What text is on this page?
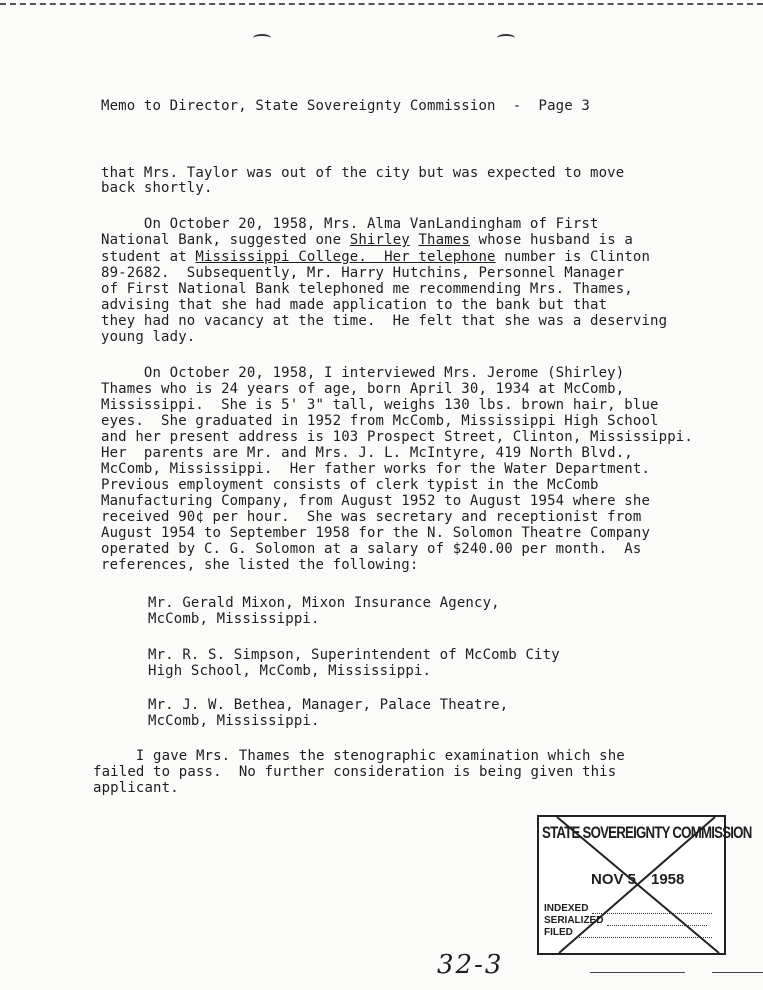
Memo to Director, State Sovereignty Commission  -  Page 3
that Mrs. Taylor was out of the city but was expected to move
back shortly.
On October 20, 1958, Mrs. Alma VanLandingham of First
National Bank, suggested one Shirley Thames whose husband is a
student at Mississippi College.  Her telephone number is Clinton
89-2682.  Subsequently, Mr. Harry Hutchins, Personnel Manager
of First National Bank telephoned me recommending Mrs. Thames,
advising that she had made application to the bank but that
they had no vacancy at the time.  He felt that she was a deserving
young lady.
On October 20, 1958, I interviewed Mrs. Jerome (Shirley)
Thames who is 24 years of age, born April 30, 1934 at McComb,
Mississippi.  She is 5' 3" tall, weighs 130 lbs. brown hair, blue
eyes.  She graduated in 1952 from McComb, Mississippi High School
and her present address is 103 Prospect Street, Clinton, Mississippi.
Her  parents are Mr. and Mrs. J. L. McIntyre, 419 North Blvd.,
McComb, Mississippi.  Her father works for the Water Department.
Previous employment consists of clerk typist in the McComb
Manufacturing Company, from August 1952 to August 1954 where she
received 90¢ per hour.  She was secretary and receptionist from
August 1954 to September 1958 for the N. Solomon Theatre Company
operated by C. G. Solomon at a salary of $240.00 per month.  As
references, she listed the following:
Mr. Gerald Mixon, Mixon Insurance Agency,
McComb, Mississippi.
Mr. R. S. Simpson, Superintendent of McComb City
High School, McComb, Mississippi.
Mr. J. W. Bethea, Manager, Palace Theatre,
McComb, Mississippi.
I gave Mrs. Thames the stenographic examination which she
failed to pass.  No further consideration is being given this
applicant.
STATE SOVEREIGNTY COMMISSION
NOV 5 1958
INDEXED
SERIALIZED
FILED
32-3
